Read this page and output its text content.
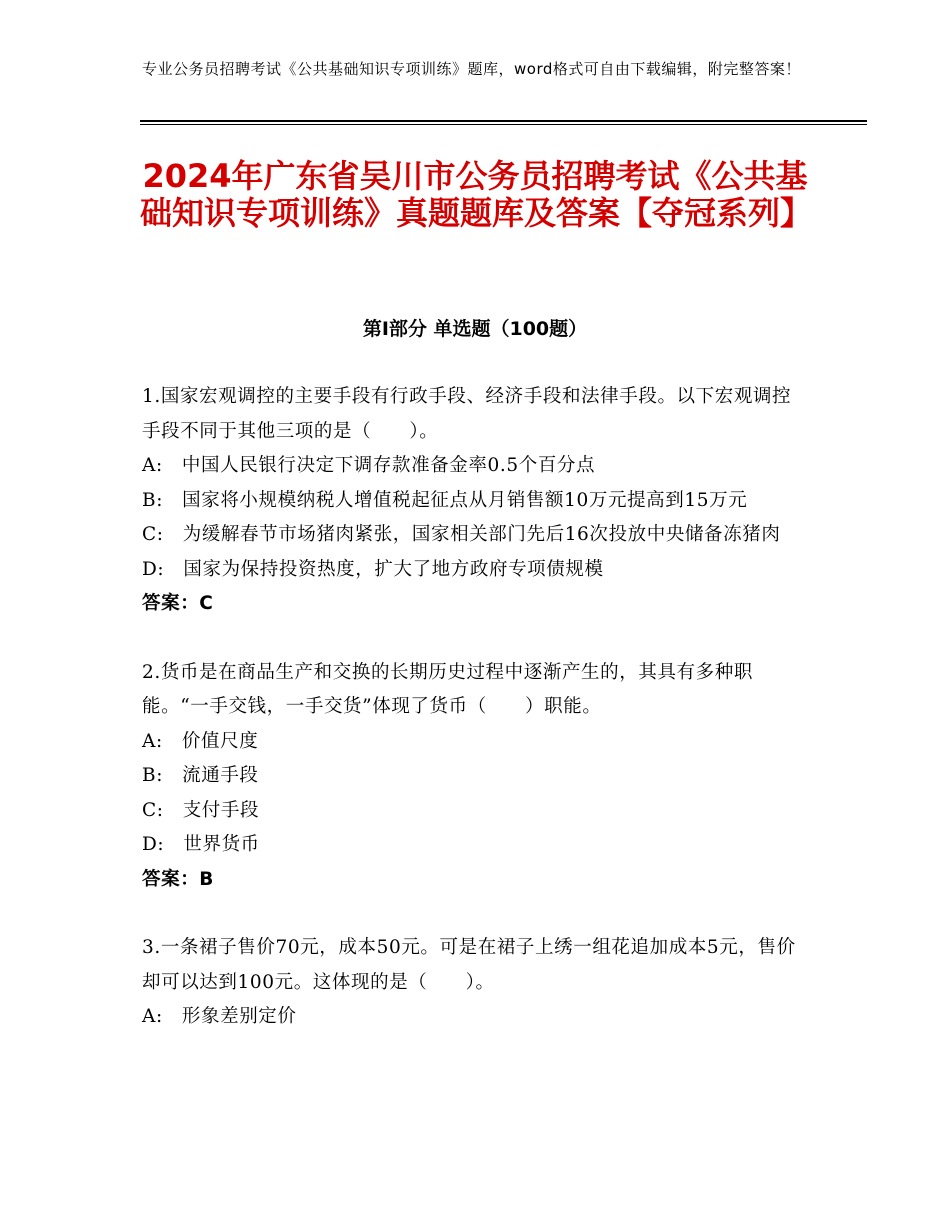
专业公务员招聘考试《公共基础知识专项训练》题库，word格式可自由下载编辑，附完整答案！
2024年广东省吴川市公务员招聘考试《公共基础知识专项训练》真题题库及答案【夺冠系列】
第Ⅰ部分 单选题（100题）

1.国家宏观调控的主要手段有行政手段、经济手段和法律手段。以下宏观调控手段不同于其他三项的是（　　）。

A:　中国人民银行决定下调存款准备金率0.5个百分点

B:　国家将小规模纳税人增值税起征点从月销售额10万元提高到15万元

C:　为缓解春节市场猪肉紧张，国家相关部门先后16次投放中央储备冻猪肉

D:　国家为保持投资热度，扩大了地方政府专项债规模

答案：C

2.货币是在商品生产和交换的长期历史过程中逐渐产生的，其具有多种职能。“一手交钱，一手交货”体现了货币（　　）职能。

A:　价值尺度

B:　流通手段

C:　支付手段

D:　世界货币

答案：B

3.一条裙子售价70元，成本50元。可是在裙子上绣一组花追加成本5元，售价却可以达到100元。这体现的是（　　）。

A:　形象差别定价
